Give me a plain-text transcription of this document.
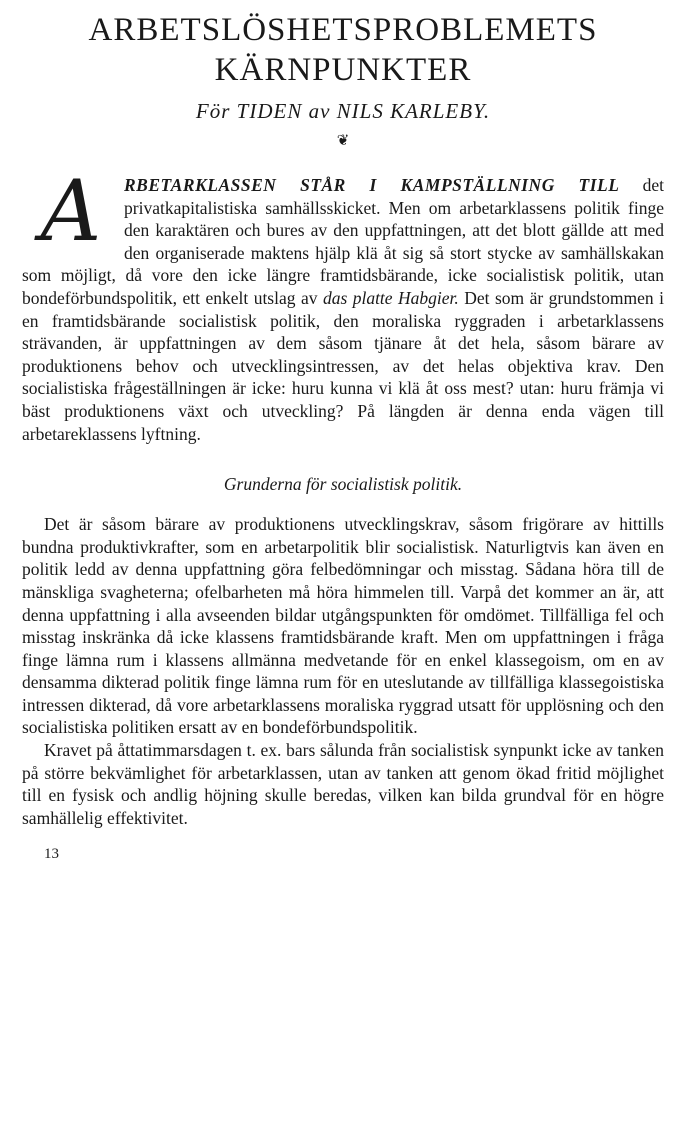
ARBETSLÖSHETSPROBLEMETS
KÄRNPUNKTER
För TIDEN av NILS KARLEBY.
❦

A	RBETARKLASSEN STÅR I KAMPSTÄLLNING TILL det privatkapitalistiska samhällsskicket. Men om arbetarklassens politik finge den karaktären och bures av den uppfattningen, att det blott gällde att med den organiserade maktens hjälp klä åt sig så stort stycke av samhällskakan som möjligt, då vore den icke längre framtidsbärande, icke socialistisk politik, utan bondeförbundspolitik, ett enkelt utslag av das platte Habgier. Det som är grundstommen i en framtidsbärande socialistisk politik, den moraliska ryggraden i arbetarklassens strävanden, är uppfattningen av dem såsom tjänare åt det hela, såsom bärare av produktionens behov och utvecklingsintressen, av det helas objektiva krav. Den socialistiska frågeställningen är icke: huru kunna vi klä åt oss mest? utan: huru främja vi bäst produktionens växt och utveckling? På längden är denna enda vägen till arbetareklassens lyftning.

Grunderna för socialistisk politik.

Det är såsom bärare av produktionens utvecklingskrav, såsom frigörare av hittills bundna produktivkrafter, som en arbetarpolitik blir socialistisk. Naturligtvis kan även en politik ledd av denna uppfattning göra felbedömningar och misstag. Sådana höra till de mänskliga svagheterna; ofelbarheten må höra himmelen till. Varpå det kommer an är, att denna uppfattning i alla avseenden bildar utgångspunkten för omdömet. Tillfälliga fel och misstag inskränka då icke klassens framtidsbärande kraft. Men om uppfattningen i fråga finge lämna rum i klassens allmänna medvetande för en enkel klassegoism, om en av densamma dikterad politik finge lämna rum för en uteslutande av tillfälliga klassegoistiska intressen dikterad, då vore arbetarklassens moraliska ryggrad utsatt för upplösning och den socialistiska politiken ersatt av en bondeförbundspolitik.

Kravet på åttatimmarsdagen t. ex. bars sålunda från socialistisk synpunkt icke av tanken på större bekvämlighet för arbetarklassen, utan av tanken att genom ökad fritid möjlighet till en fysisk och andlig höjning skulle beredas, vilken kan bilda grundval för en högre samhällelig effektivitet.

13
